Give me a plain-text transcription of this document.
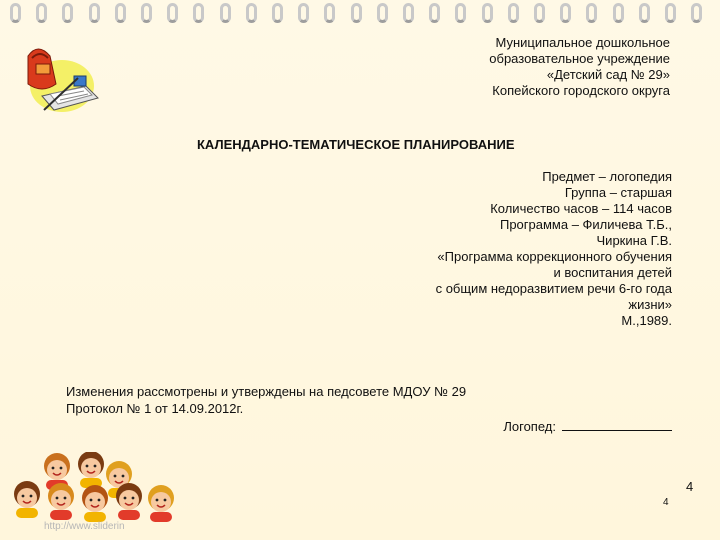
Муниципальное дошкольное
образовательное учреждение
«Детский сад № 29»
Копейского городского округа
КАЛЕНДАРНО-ТЕМАТИЧЕСКОЕ ПЛАНИРОВАНИЕ
Предмет – логопедия
Группа – старшая
Количество часов – 114 часов
Программа – Филичева Т.Б.,
Чиркина Г.В.
«Программа коррекционного обучения
и воспитания детей
с общим недоразвитием речи 6-го года
жизни»
М.,1989.
Изменения рассмотрены и утверждены на педсовете МДОУ № 29
Протокол № 1 от 14.09.2012г.
Логопед:
4
4
http://www.sliderin
